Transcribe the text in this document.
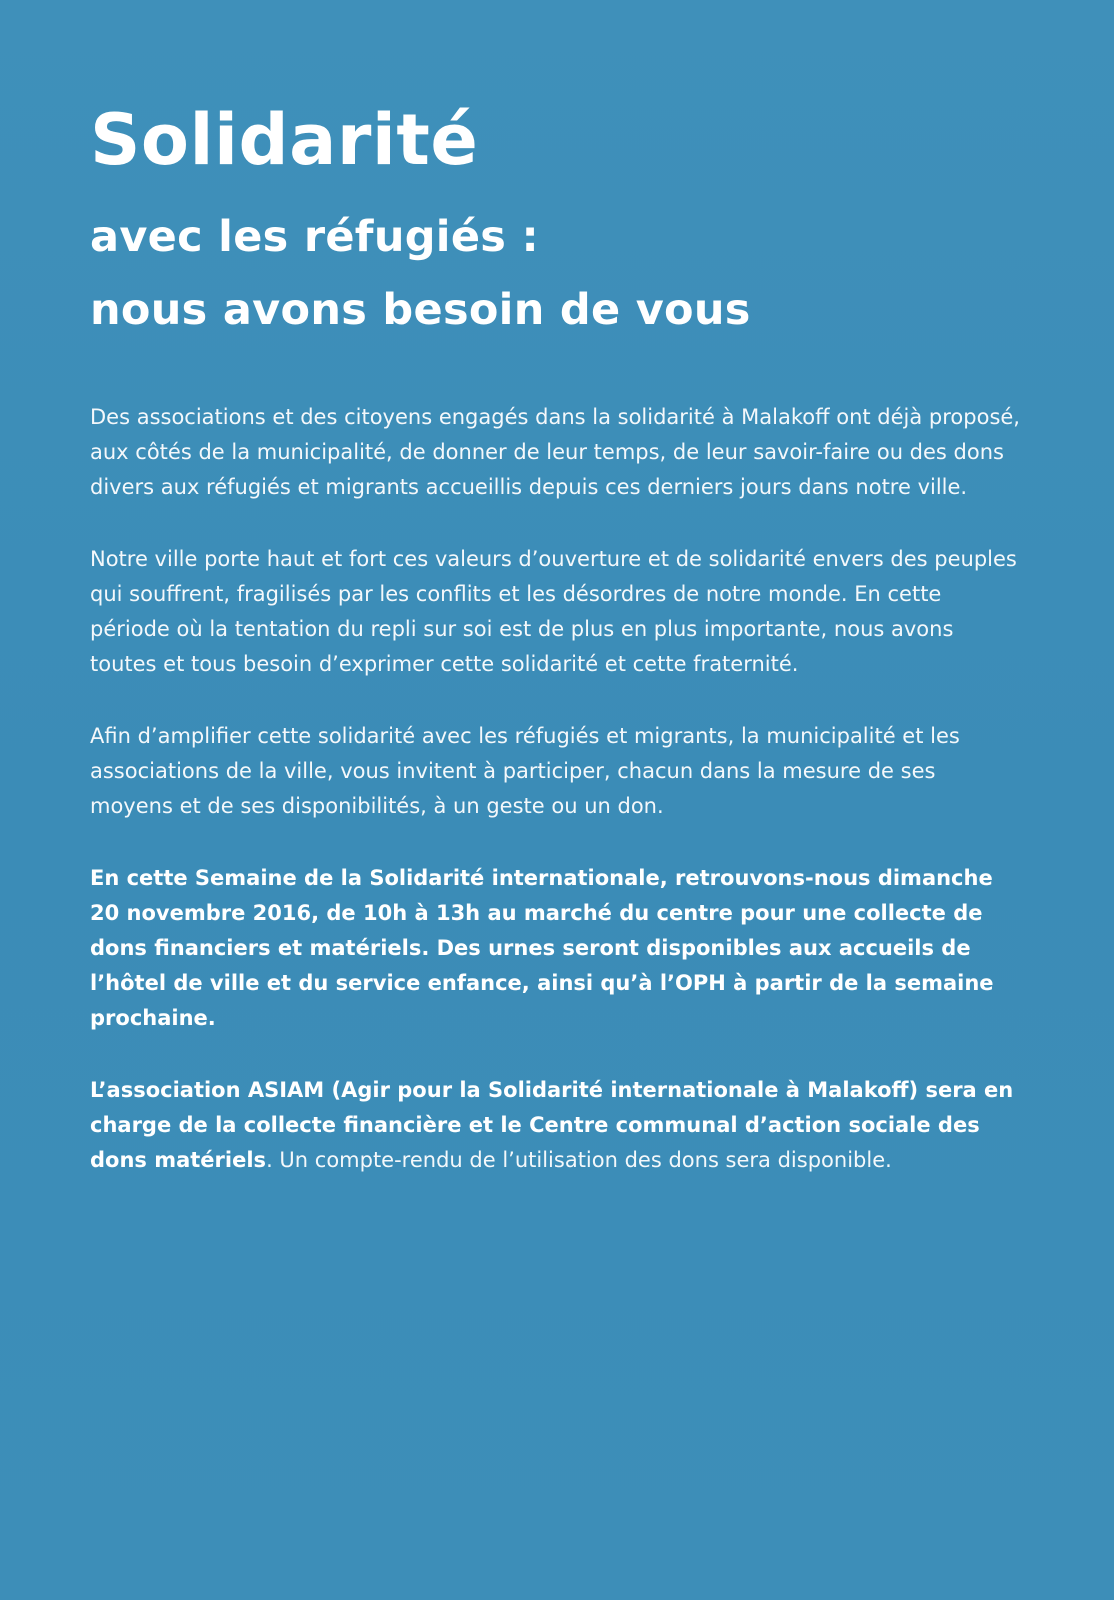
Solidarité
avec les réfugiés :
nous avons besoin de vous

Des associations et des citoyens engagés dans la solidarité à Malakoff ont déjà proposé, aux côtés de la municipalité, de donner de leur temps, de leur savoir-faire ou des dons divers aux réfugiés et migrants accueillis depuis ces derniers jours dans notre ville.

Notre ville porte haut et fort ces valeurs d’ouverture et de solidarité envers des peuples qui souffrent, fragilisés par les conflits et les désordres de notre monde. En cette période où la tentation du repli sur soi est de plus en plus importante, nous avons toutes et tous besoin d’exprimer cette solidarité et cette fraternité.

Afin d’amplifier cette solidarité avec les réfugiés et migrants, la municipalité et les associations de la ville, vous invitent à participer, chacun dans la mesure de ses moyens et de ses disponibilités, à un geste ou un don.

En cette Semaine de la Solidarité internationale, retrouvons-nous dimanche 20 novembre 2016, de 10h à 13h au marché du centre pour une collecte de dons financiers et matériels. Des urnes seront disponibles aux accueils de l’hôtel de ville et du service enfance, ainsi qu’à l’OPH à partir de la semaine prochaine.

L’association ASIAM (Agir pour la Solidarité internationale à Malakoff) sera en charge de la collecte financière et le Centre communal d’action sociale des dons matériels. Un compte-rendu de l’utilisation des dons sera disponible.
